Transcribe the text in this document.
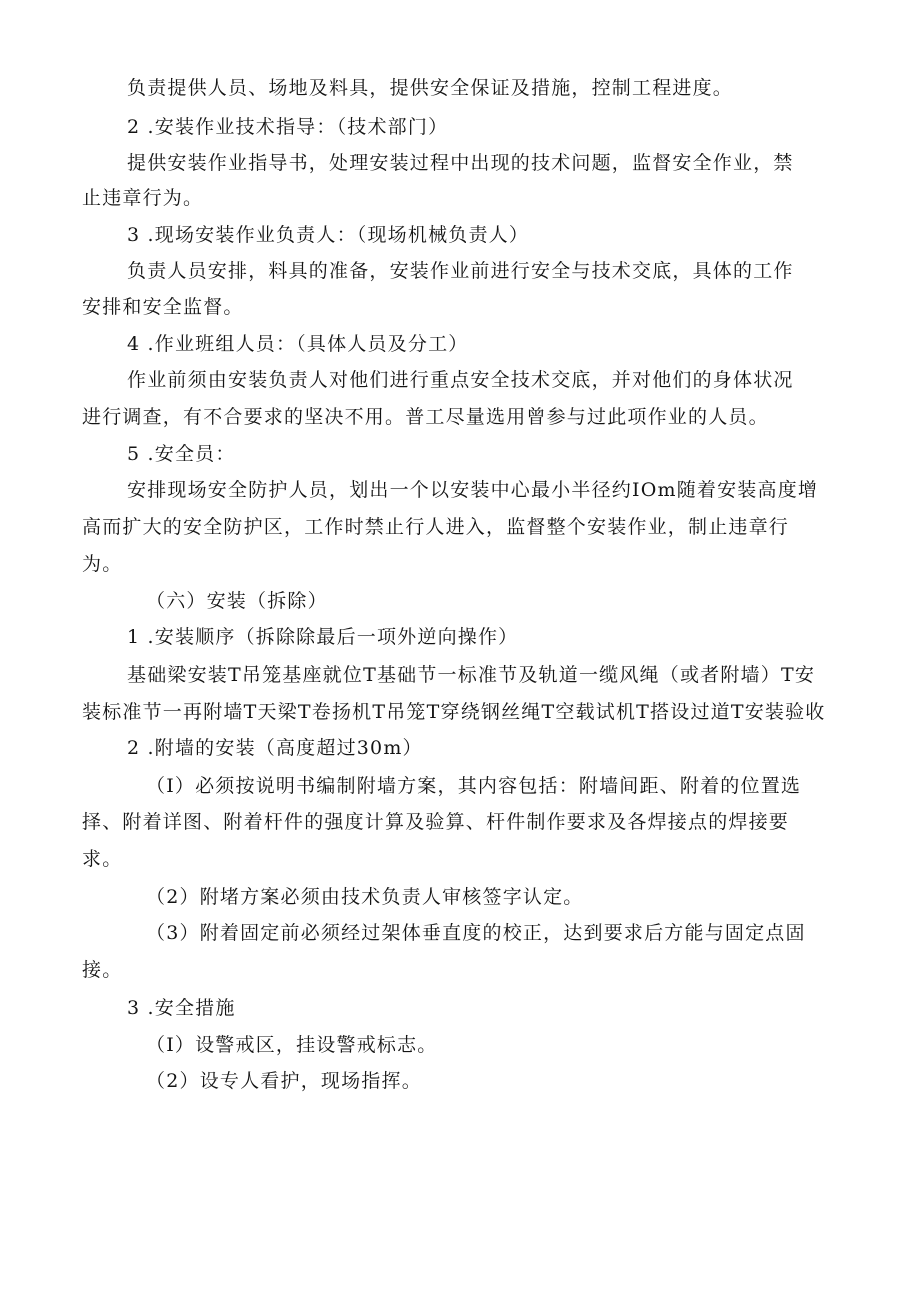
负责提供人员、场地及料具，提供安全保证及措施，控制工程进度。
2 .安装作业技术指导：（技术部门）
提供安装作业指导书，处理安装过程中出现的技术问题，监督安全作业，禁
止违章行为。
3 .现场安装作业负责人：（现场机械负责人）
负责人员安排，料具的准备，安装作业前进行安全与技术交底，具体的工作
安排和安全监督。
4 .作业班组人员：（具体人员及分工）
作业前须由安装负责人对他们进行重点安全技术交底，并对他们的身体状况
进行调查，有不合要求的坚决不用。普工尽量选用曾参与过此项作业的人员。
5 .安全员：
安排现场安全防护人员，划出一个以安装中心最小半径约IOm随着安装高度增
高而扩大的安全防护区，工作时禁止行人进入，监督整个安装作业，制止违章行
为。
（六）安装（拆除）
1 .安装顺序（拆除除最后一项外逆向操作）
基础梁安装T吊笼基座就位T基础节一标准节及轨道一缆风绳（或者附墙）T安
装标准节一再附墙T天梁T卷扬机T吊笼T穿绕钢丝绳T空载试机T搭设过道T安装验收
2 .附墙的安装（高度超过30m）
（I）必须按说明书编制附墙方案，其内容包括：附墙间距、附着的位置选
择、附着详图、附着杆件的强度计算及验算、杆件制作要求及各焊接点的焊接要
求。
（2）附堵方案必须由技术负责人审核签字认定。
（3）附着固定前必须经过架体垂直度的校正，达到要求后方能与固定点固
接。
3 .安全措施
（I）设警戒区，挂设警戒标志。
（2）设专人看护，现场指挥。
